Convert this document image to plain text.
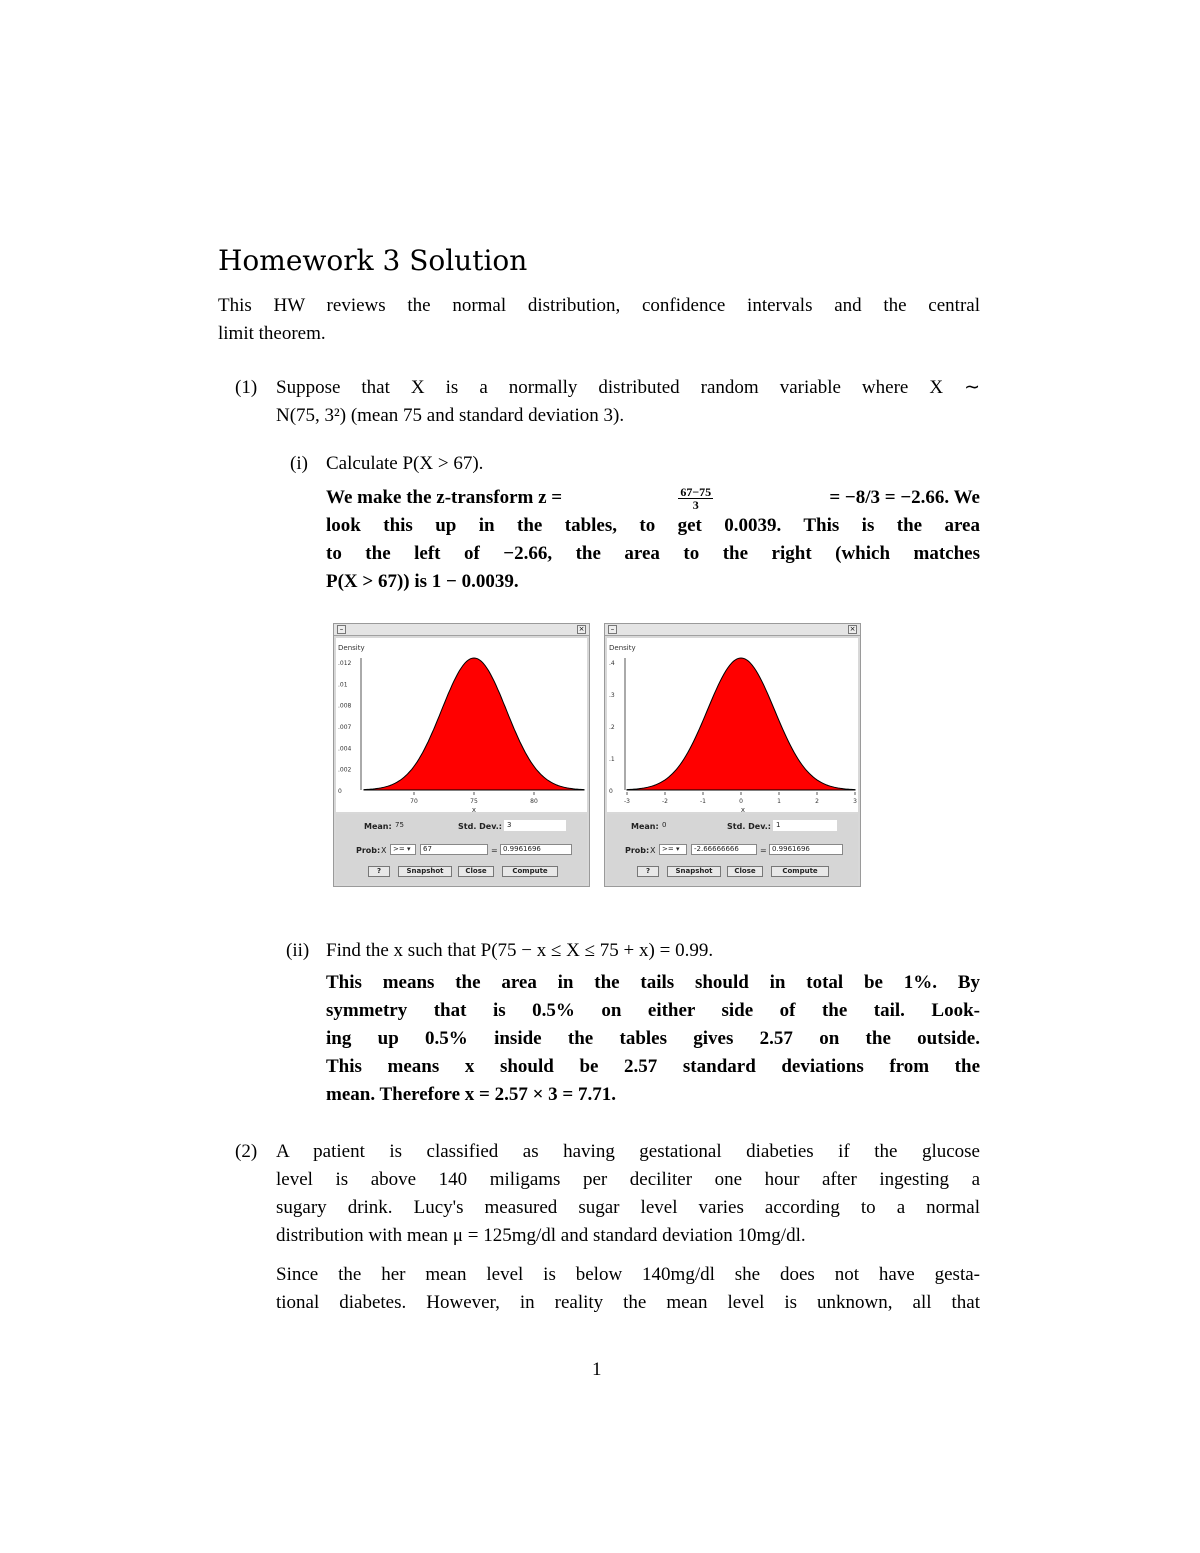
Homework 3 Solution
This HW reviews the normal distribution, confidence intervals and the central
limit theorem.
(1) Suppose that X is a normally distributed random variable where X ∼
N(75, 3²) (mean 75 and standard deviation 3).
(i) Calculate P(X > 67).
We make the z-transform z =	$\frac{67-75}{3}$	= −8/3 = −2.66. We
look this up in the tables, to get 0.0039. This is the area
to the left of −2.66, the area to the right (which matches
P(X > 67)) is 1 − 0.0039.
–	×
Density
.012
.01
.008
.007
.004
.002
0
70	75	80
x
Mean: 75	Std. Dev.: 3
Prob: X >= ▾	67	= 0.9961696
?	Snapshot	Close	Compute
–	×
Density
.4
.3
.2
.1
0
-3	-2	-1	0	1	2	3
x
Mean: 0	Std. Dev.: 1
Prob: X >= ▾	-2.66666666	= 0.9961696
?	Snapshot	Close	Compute
(ii) Find the x such that P(75 − x ≤ X ≤ 75 + x) = 0.99.
This means the area in the tails should in total be 1%. By
symmetry that is 0.5% on either side of the tail. Look-
ing up 0.5% inside the tables gives 2.57 on the outside.
This means x should be 2.57 standard deviations from the
mean. Therefore x = 2.57 × 3 = 7.71.
(2) A patient is classified as having gestational diabeties if the glucose
level is above 140 miligams per deciliter one hour after ingesting a
sugary drink. Lucy's measured sugar level varies according to a normal
distribution with mean μ = 125mg/dl and standard deviation 10mg/dl.
Since the her mean level is below 140mg/dl she does not have gesta-
tional diabetes. However, in reality the mean level is unknown, all that
1
